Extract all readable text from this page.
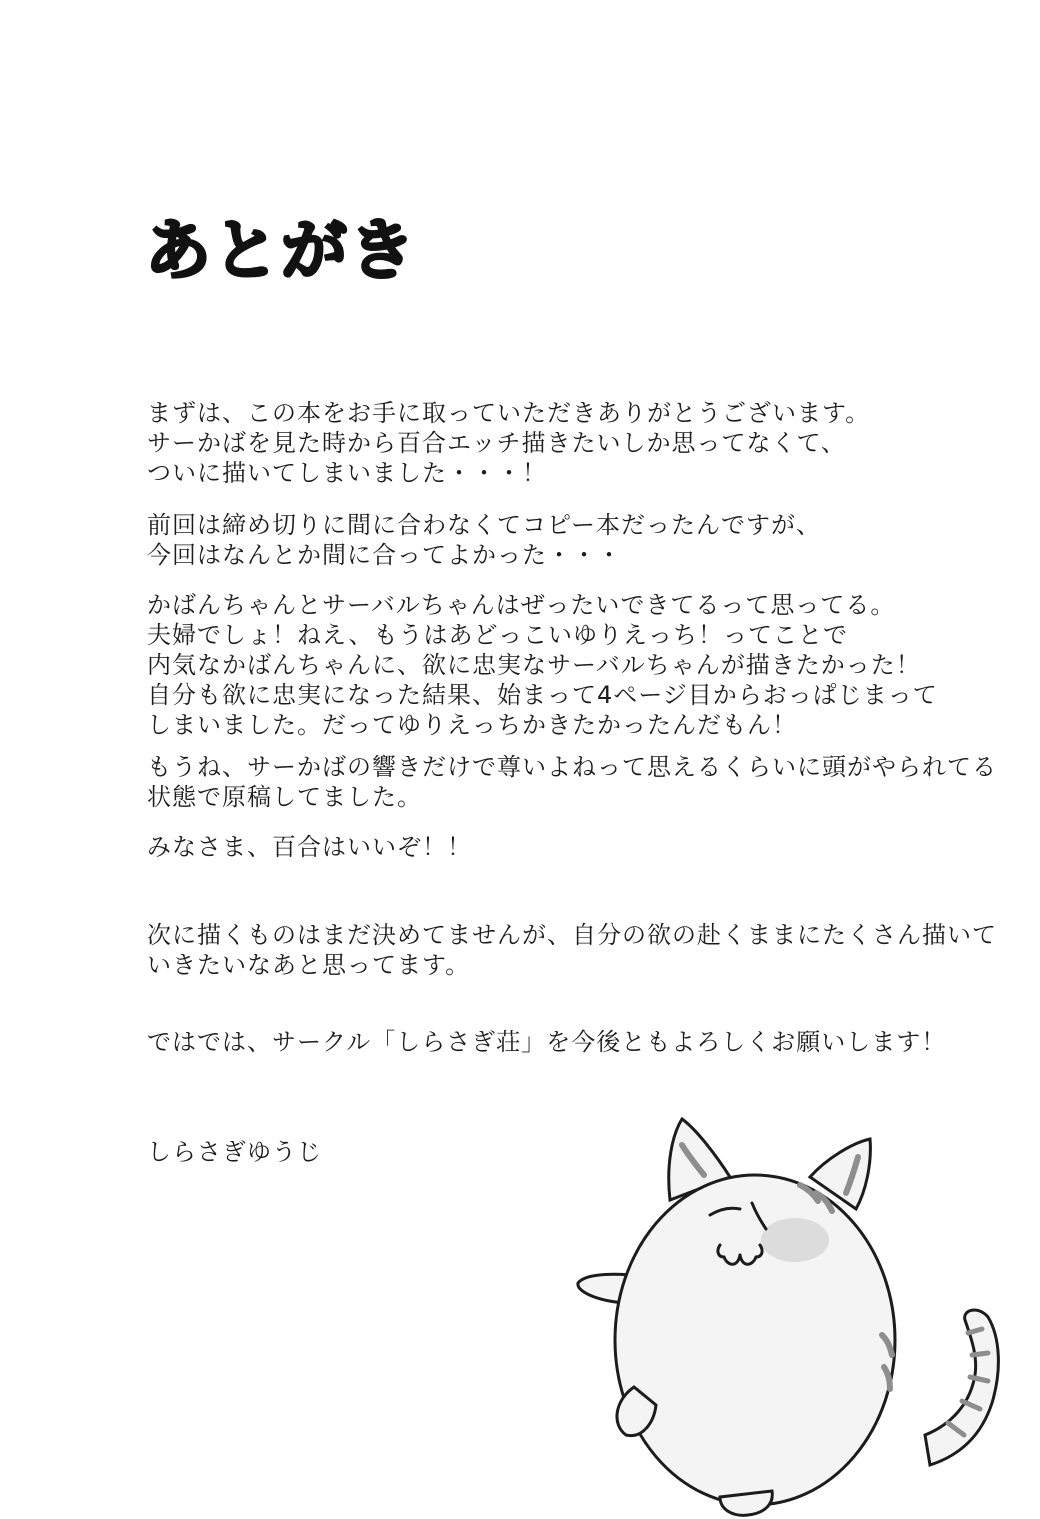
あとがき
まずは、この本をお手に取っていただきありがとうございます。
サーかばを見た時から百合エッチ描きたいしか思ってなくて、
ついに描いてしまいました・・・！
前回は締め切りに間に合わなくてコピー本だったんですが、
今回はなんとか間に合ってよかった・・・
かばんちゃんとサーバルちゃんはぜったいできてるって思ってる。
夫婦でしょ！ねえ、もうはあどっこいゆりえっち！ってことで
内気なかばんちゃんに、欲に忠実なサーバルちゃんが描きたかった！
自分も欲に忠実になった結果、始まって4ページ目からおっぱじまって
しまいました。だってゆりえっちかきたかったんだもん！
もうね、サーかばの響きだけで尊いよねって思えるくらいに頭がやられてる
状態で原稿してました。
みなさま、百合はいいぞ！！
次に描くものはまだ決めてませんが、自分の欲の赴くままにたくさん描いて
いきたいなあと思ってます。
ではでは、サークル「しらさぎ荘」を今後ともよろしくお願いします！
しらさぎゆうじ
